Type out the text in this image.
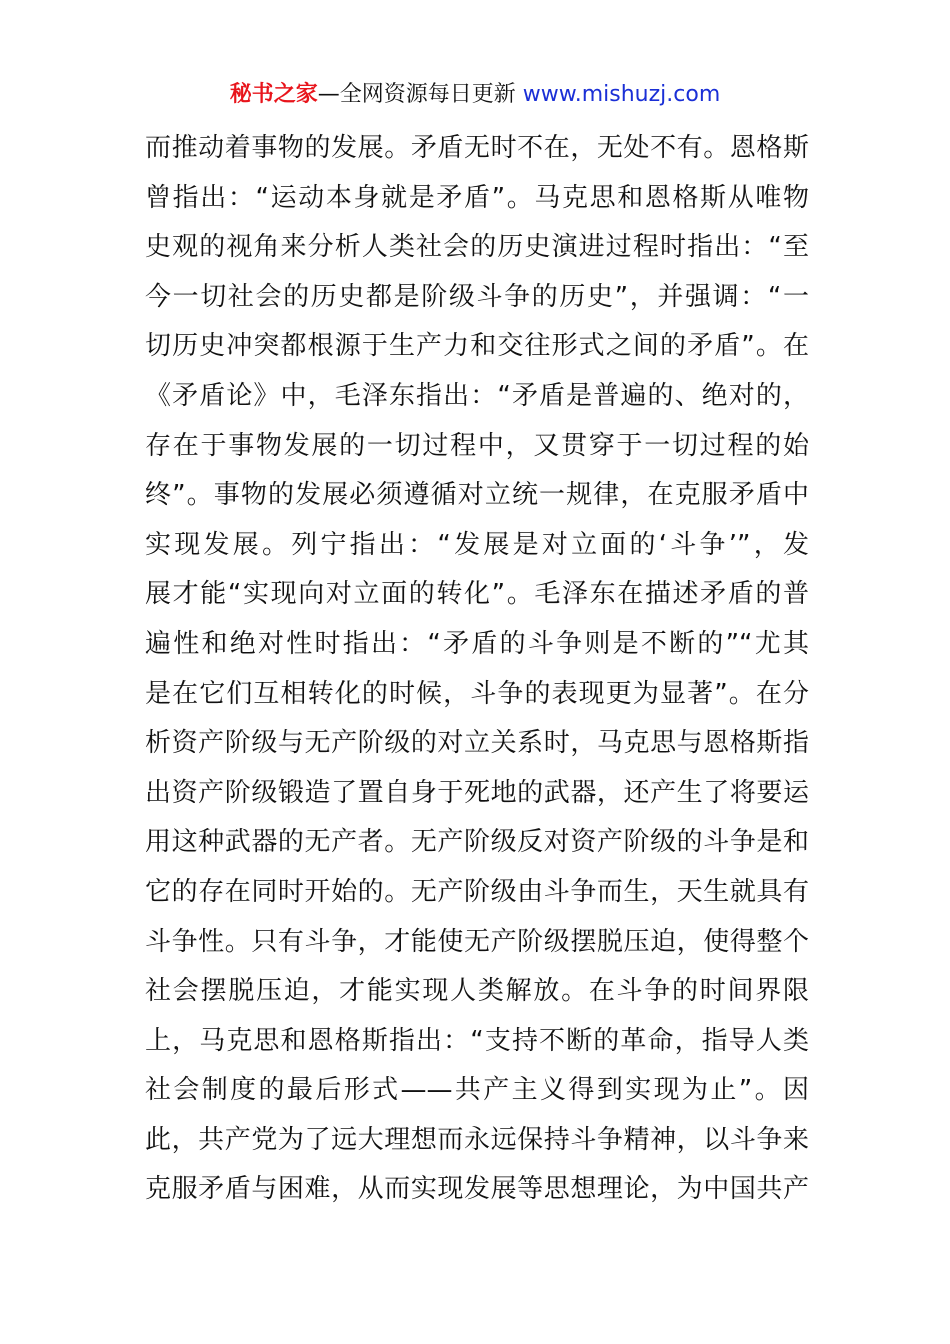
秘书之家—全网资源每日更新 www.mishuzj.com
而推动着事物的发展。矛盾无时不在，无处不有。恩格斯
曾指出：“运动本身就是矛盾”。马克思和恩格斯从唯物
史观的视角来分析人类社会的历史演进过程时指出：“至
今一切社会的历史都是阶级斗争的历史”，并强调：“一
切历史冲突都根源于生产力和交往形式之间的矛盾”。在
《矛盾论》中，毛泽东指出：“矛盾是普遍的、绝对的，
存在于事物发展的一切过程中，又贯穿于一切过程的始
终”。事物的发展必须遵循对立统一规律，在克服矛盾中
实现发展。列宁指出：“发展是对立面的‘斗争’”，发
展才能“实现向对立面的转化”。毛泽东在描述矛盾的普
遍性和绝对性时指出：“矛盾的斗争则是不断的”“尤其
是在它们互相转化的时候，斗争的表现更为显著”。在分
析资产阶级与无产阶级的对立关系时，马克思与恩格斯指
出资产阶级锻造了置自身于死地的武器，还产生了将要运
用这种武器的无产者。无产阶级反对资产阶级的斗争是和
它的存在同时开始的。无产阶级由斗争而生，天生就具有
斗争性。只有斗争，才能使无产阶级摆脱压迫，使得整个
社会摆脱压迫，才能实现人类解放。在斗争的时间界限
上，马克思和恩格斯指出：“支持不断的革命，指导人类
社会制度的最后形式——共产主义得到实现为止”。因
此，共产党为了远大理想而永远保持斗争精神，以斗争来
克服矛盾与困难，从而实现发展等思想理论，为中国共产
